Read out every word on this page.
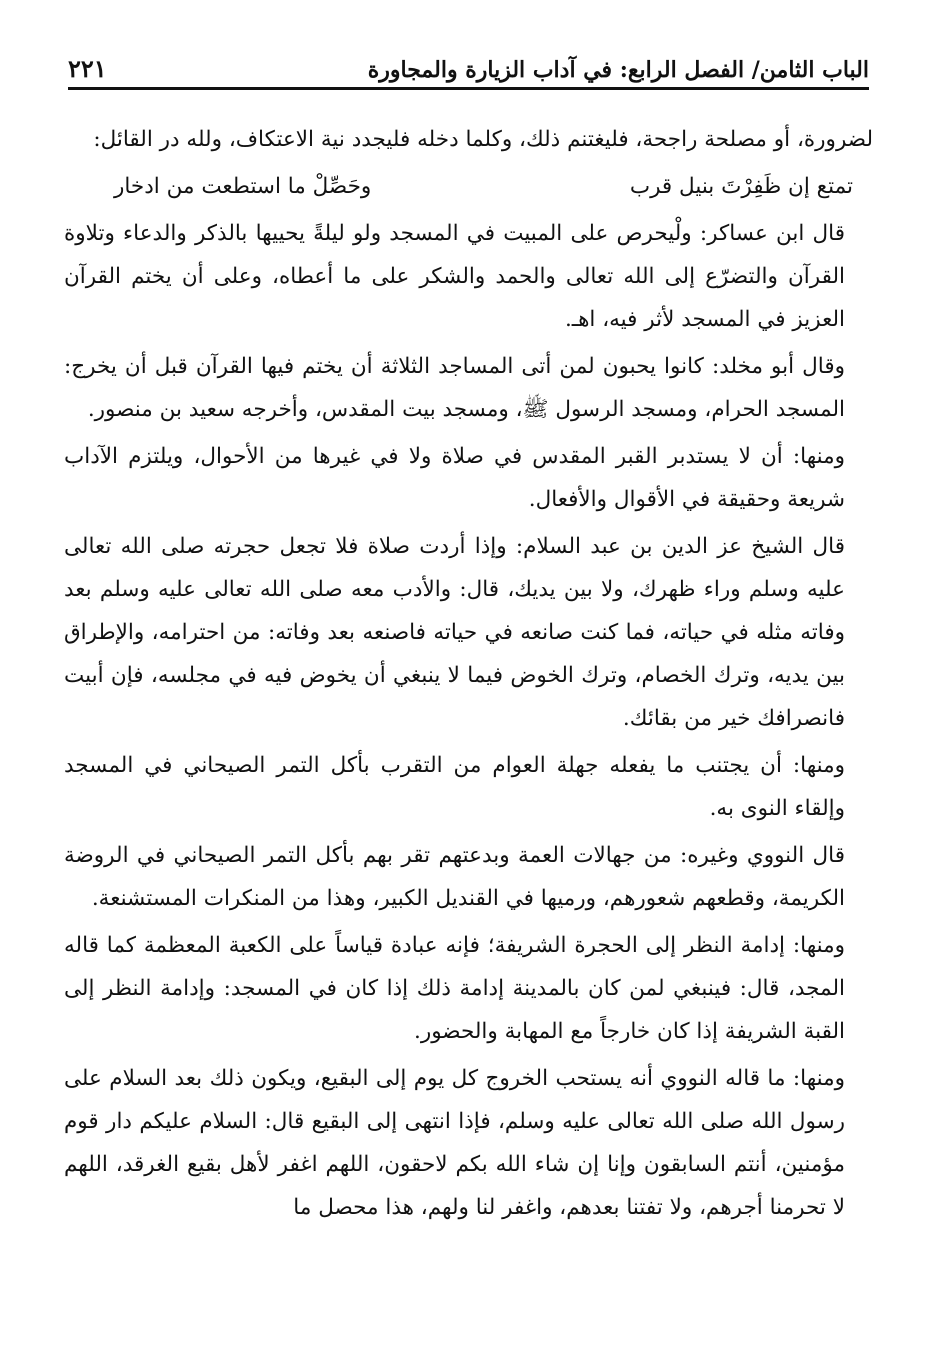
٢٢١	الباب الثامن/ الفصل الرابع: في آداب الزيارة والمجاورة

لضرورة، أو مصلحة راجحة، فليغتنم ذلك، وكلما دخله فليجدد نية الاعتكاف، ولله در القائل:

تمتع إن ظَفِرْتَ بنيل قرب
وحَصِّلْ ما استطعت من ادخار

قال ابن عساكر: ولْيحرص على المبيت في المسجد ولو ليلةً يحييها بالذكر والدعاء وتلاوة القرآن والتضرّع إلى الله تعالى والحمد والشكر على ما أعطاه، وعلى أن يختم القرآن العزيز في المسجد لأثر فيه، اهـ.

وقال أبو مخلد: كانوا يحبون لمن أتى المساجد الثلاثة أن يختم فيها القرآن قبل أن يخرج: المسجد الحرام، ومسجد الرسول ﷺ، ومسجد بيت المقدس، وأخرجه سعيد بن منصور.

ومنها: أن لا يستدبر القبر المقدس في صلاة ولا في غيرها من الأحوال، ويلتزم الآداب شريعة وحقيقة في الأقوال والأفعال.

قال الشيخ عز الدين بن عبد السلام: وإذا أردت صلاة فلا تجعل حجرته صلى الله تعالى عليه وسلم وراء ظهرك، ولا بين يديك، قال: والأدب معه صلى الله تعالى عليه وسلم بعد وفاته مثله في حياته، فما كنت صانعه في حياته فاصنعه بعد وفاته: من احترامه، والإطراق بين يديه، وترك الخصام، وترك الخوض فيما لا ينبغي أن يخوض فيه في مجلسه، فإن أبيت فانصرافك خير من بقائك.

ومنها: أن يجتنب ما يفعله جهلة العوام من التقرب بأكل التمر الصيحاني في المسجد وإلقاء النوى به.

قال النووي وغيره: من جهالات العمة وبدعتهم تقر بهم بأكل التمر الصيحاني في الروضة الكريمة، وقطعهم شعورهم، ورميها في القنديل الكبير، وهذا من المنكرات المستشنعة.

ومنها: إدامة النظر إلى الحجرة الشريفة؛ فإنه عبادة قياساً على الكعبة المعظمة كما قاله المجد، قال: فينبغي لمن كان بالمدينة إدامة ذلك إذا كان في المسجد: وإدامة النظر إلى القبة الشريفة إذا كان خارجاً مع المهابة والحضور.

ومنها: ما قاله النووي أنه يستحب الخروج كل يوم إلى البقيع، ويكون ذلك بعد السلام على رسول الله صلى الله تعالى عليه وسلم، فإذا انتهى إلى البقيع قال: السلام عليكم دار قوم مؤمنين، أنتم السابقون وإنا إن شاء الله بكم لاحقون، اللهم اغفر لأهل بقيع الغرقد، اللهم لا تحرمنا أجرهم، ولا تفتنا بعدهم، واغفر لنا ولهم، هذا محصل ما
